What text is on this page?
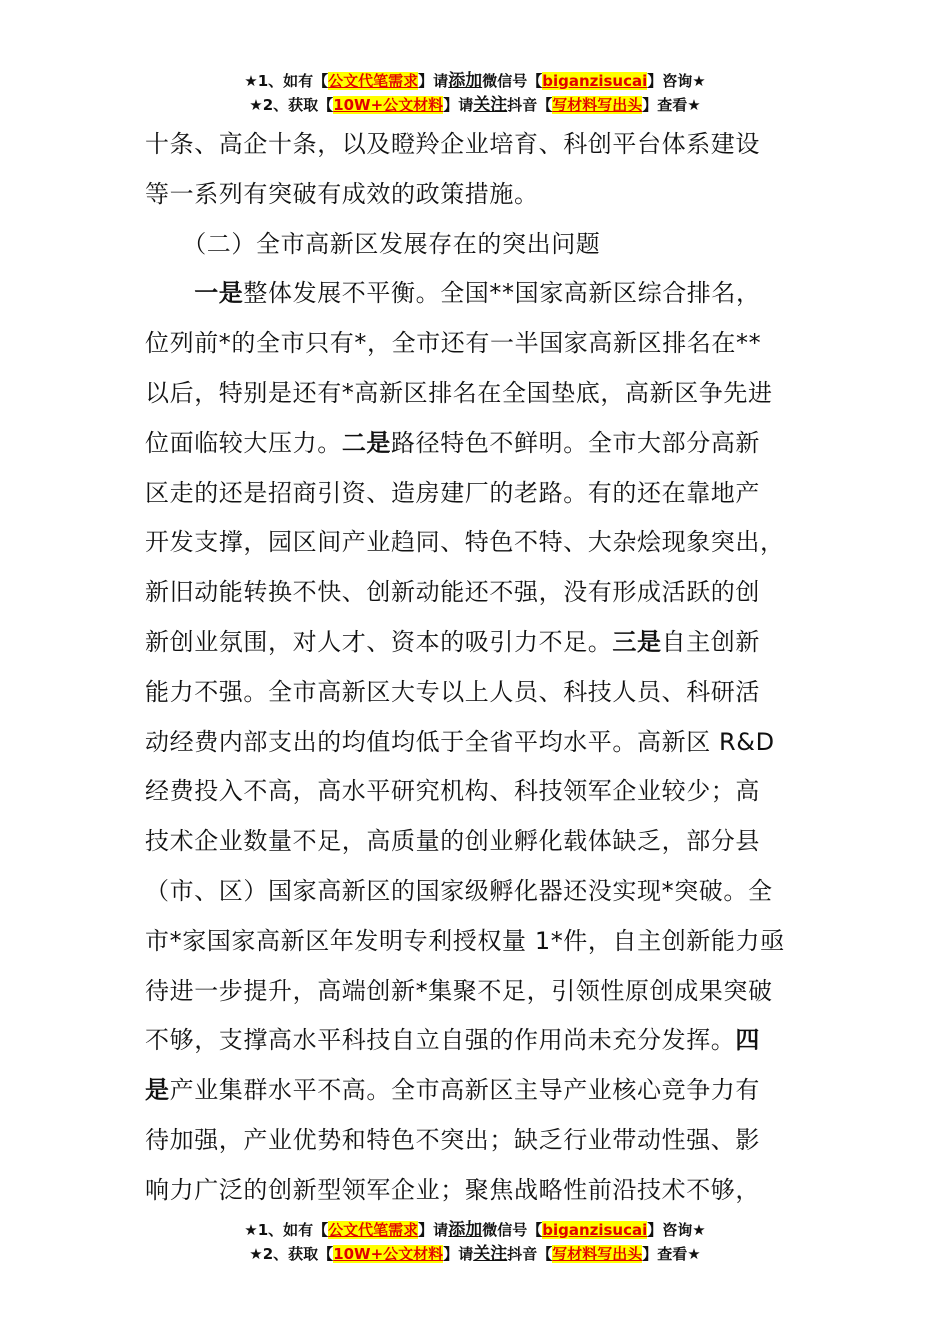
★1、如有【公文代笔需求】请添加微信号【biganzisucai】咨询★
★2、获取【10W+公文材料】请关注抖音【写材料写出头】查看★
十条、高企十条，以及瞪羚企业培育、科创平台体系建设
等一系列有突破有成效的政策措施。
　　（二）全市高新区发展存在的突出问题
　　一是整体发展不平衡。全国**国家高新区综合排名，
位列前*的全市只有*，全市还有一半国家高新区排名在**
以后，特别是还有*高新区排名在全国垫底，高新区争先进
位面临较大压力。二是路径特色不鲜明。全市大部分高新
区走的还是招商引资、造房建厂的老路。有的还在靠地产
开发支撑，园区间产业趋同、特色不特、大杂烩现象突出，
新旧动能转换不快、创新动能还不强，没有形成活跃的创
新创业氛围，对人才、资本的吸引力不足。三是自主创新
能力不强。全市高新区大专以上人员、科技人员、科研活
动经费内部支出的均值均低于全省平均水平。高新区 R&D
经费投入不高，高水平研究机构、科技领军企业较少；高
技术企业数量不足，高质量的创业孵化载体缺乏，部分县
（市、区）国家高新区的国家级孵化器还没实现*突破。全
市*家国家高新区年发明专利授权量 1*件，自主创新能力亟
待进一步提升，高端创新*集聚不足，引领性原创成果突破
不够，支撑高水平科技自立自强的作用尚未充分发挥。四
是产业集群水平不高。全市高新区主导产业核心竞争力有
待加强，产业优势和特色不突出；缺乏行业带动性强、影
响力广泛的创新型领军企业；聚焦战略性前沿技术不够，
★1、如有【公文代笔需求】请添加微信号【biganzisucai】咨询★
★2、获取【10W+公文材料】请关注抖音【写材料写出头】查看★
